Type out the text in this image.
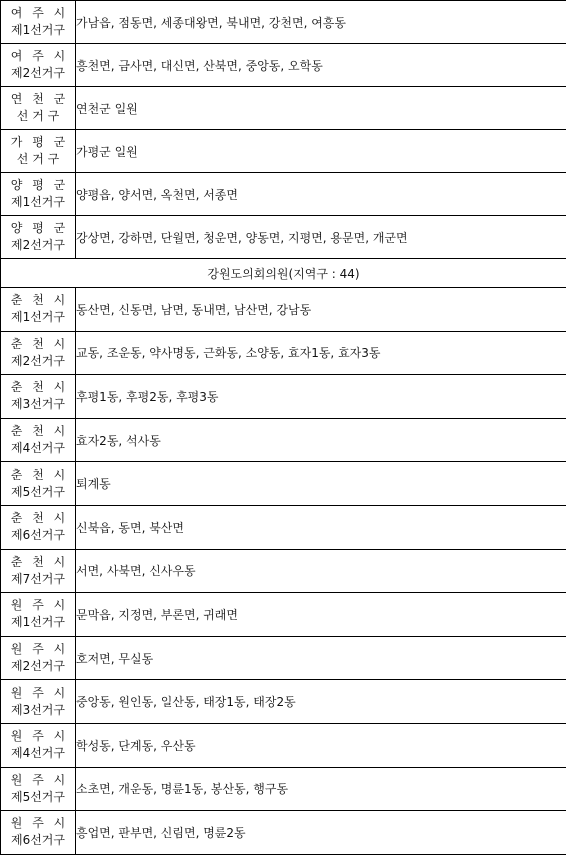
여 주 시
제1선거구	가남읍, 점동면, 세종대왕면, 북내면, 강천면, 여흥동

여 주 시
제2선거구	흥천면, 금사면, 대신면, 산북면, 중앙동, 오학동

연 천 군
선 거 구	연천군 일원

가 평 군
선 거 구	가평군 일원

양 평 군
제1선거구	양평읍, 양서면, 옥천면, 서종면

양 평 군
제2선거구	강상면, 강하면, 단월면, 청운면, 양동면, 지평면, 용문면, 개군면
강원도의회의원(지역구 : 44)	

춘 천 시
제1선거구	동산면, 신동면, 남면, 동내면, 남산면, 강남동

춘 천 시
제2선거구	교동, 조운동, 약사명동, 근화동, 소양동, 효자1동, 효자3동

춘 천 시
제3선거구	후평1동, 후평2동, 후평3동

춘 천 시
제4선거구	효자2동, 석사동

춘 천 시
제5선거구	퇴계동

춘 천 시
제6선거구	신북읍, 동면, 북산면

춘 천 시
제7선거구	서면, 사북면, 신사우동

원 주 시
제1선거구	문막읍, 지정면, 부론면, 귀래면

원 주 시
제2선거구	호저면, 무실동

원 주 시
제3선거구	중앙동, 원인동, 일산동, 태장1동, 태장2동

원 주 시
제4선거구	학성동, 단계동, 우산동

원 주 시
제5선거구	소초면, 개운동, 명륜1동, 봉산동, 행구동

원 주 시
제6선거구	흥업면, 판부면, 신림면, 명륜2동
